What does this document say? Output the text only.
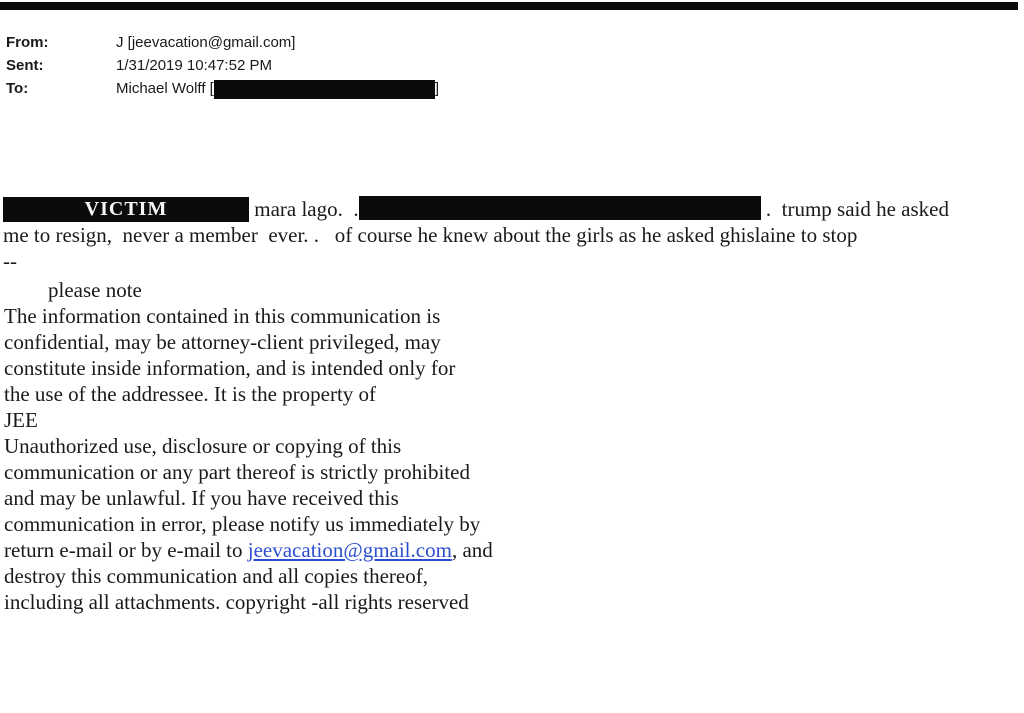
From:	J [jeevacation@gmail.com]
Sent:	1/31/2019 10:47:52 PM
To:	Michael Wolff [	]
VICTIM	mara lago.  .	.  trump said he asked
me to resign,  never a member  ever. .   of course he knew about the girls as he asked ghislaine to stop
--
please note
The information contained in this communication is
confidential, may be attorney-client privileged, may
constitute inside information, and is intended only for
the use of the addressee. It is the property of
JEE
Unauthorized use, disclosure or copying of this
communication or any part thereof is strictly prohibited
and may be unlawful. If you have received this
communication in error, please notify us immediately by
return e-mail or by e-mail to jeevacation@gmail.com, and
destroy this communication and all copies thereof,
including all attachments. copyright -all rights reserved
